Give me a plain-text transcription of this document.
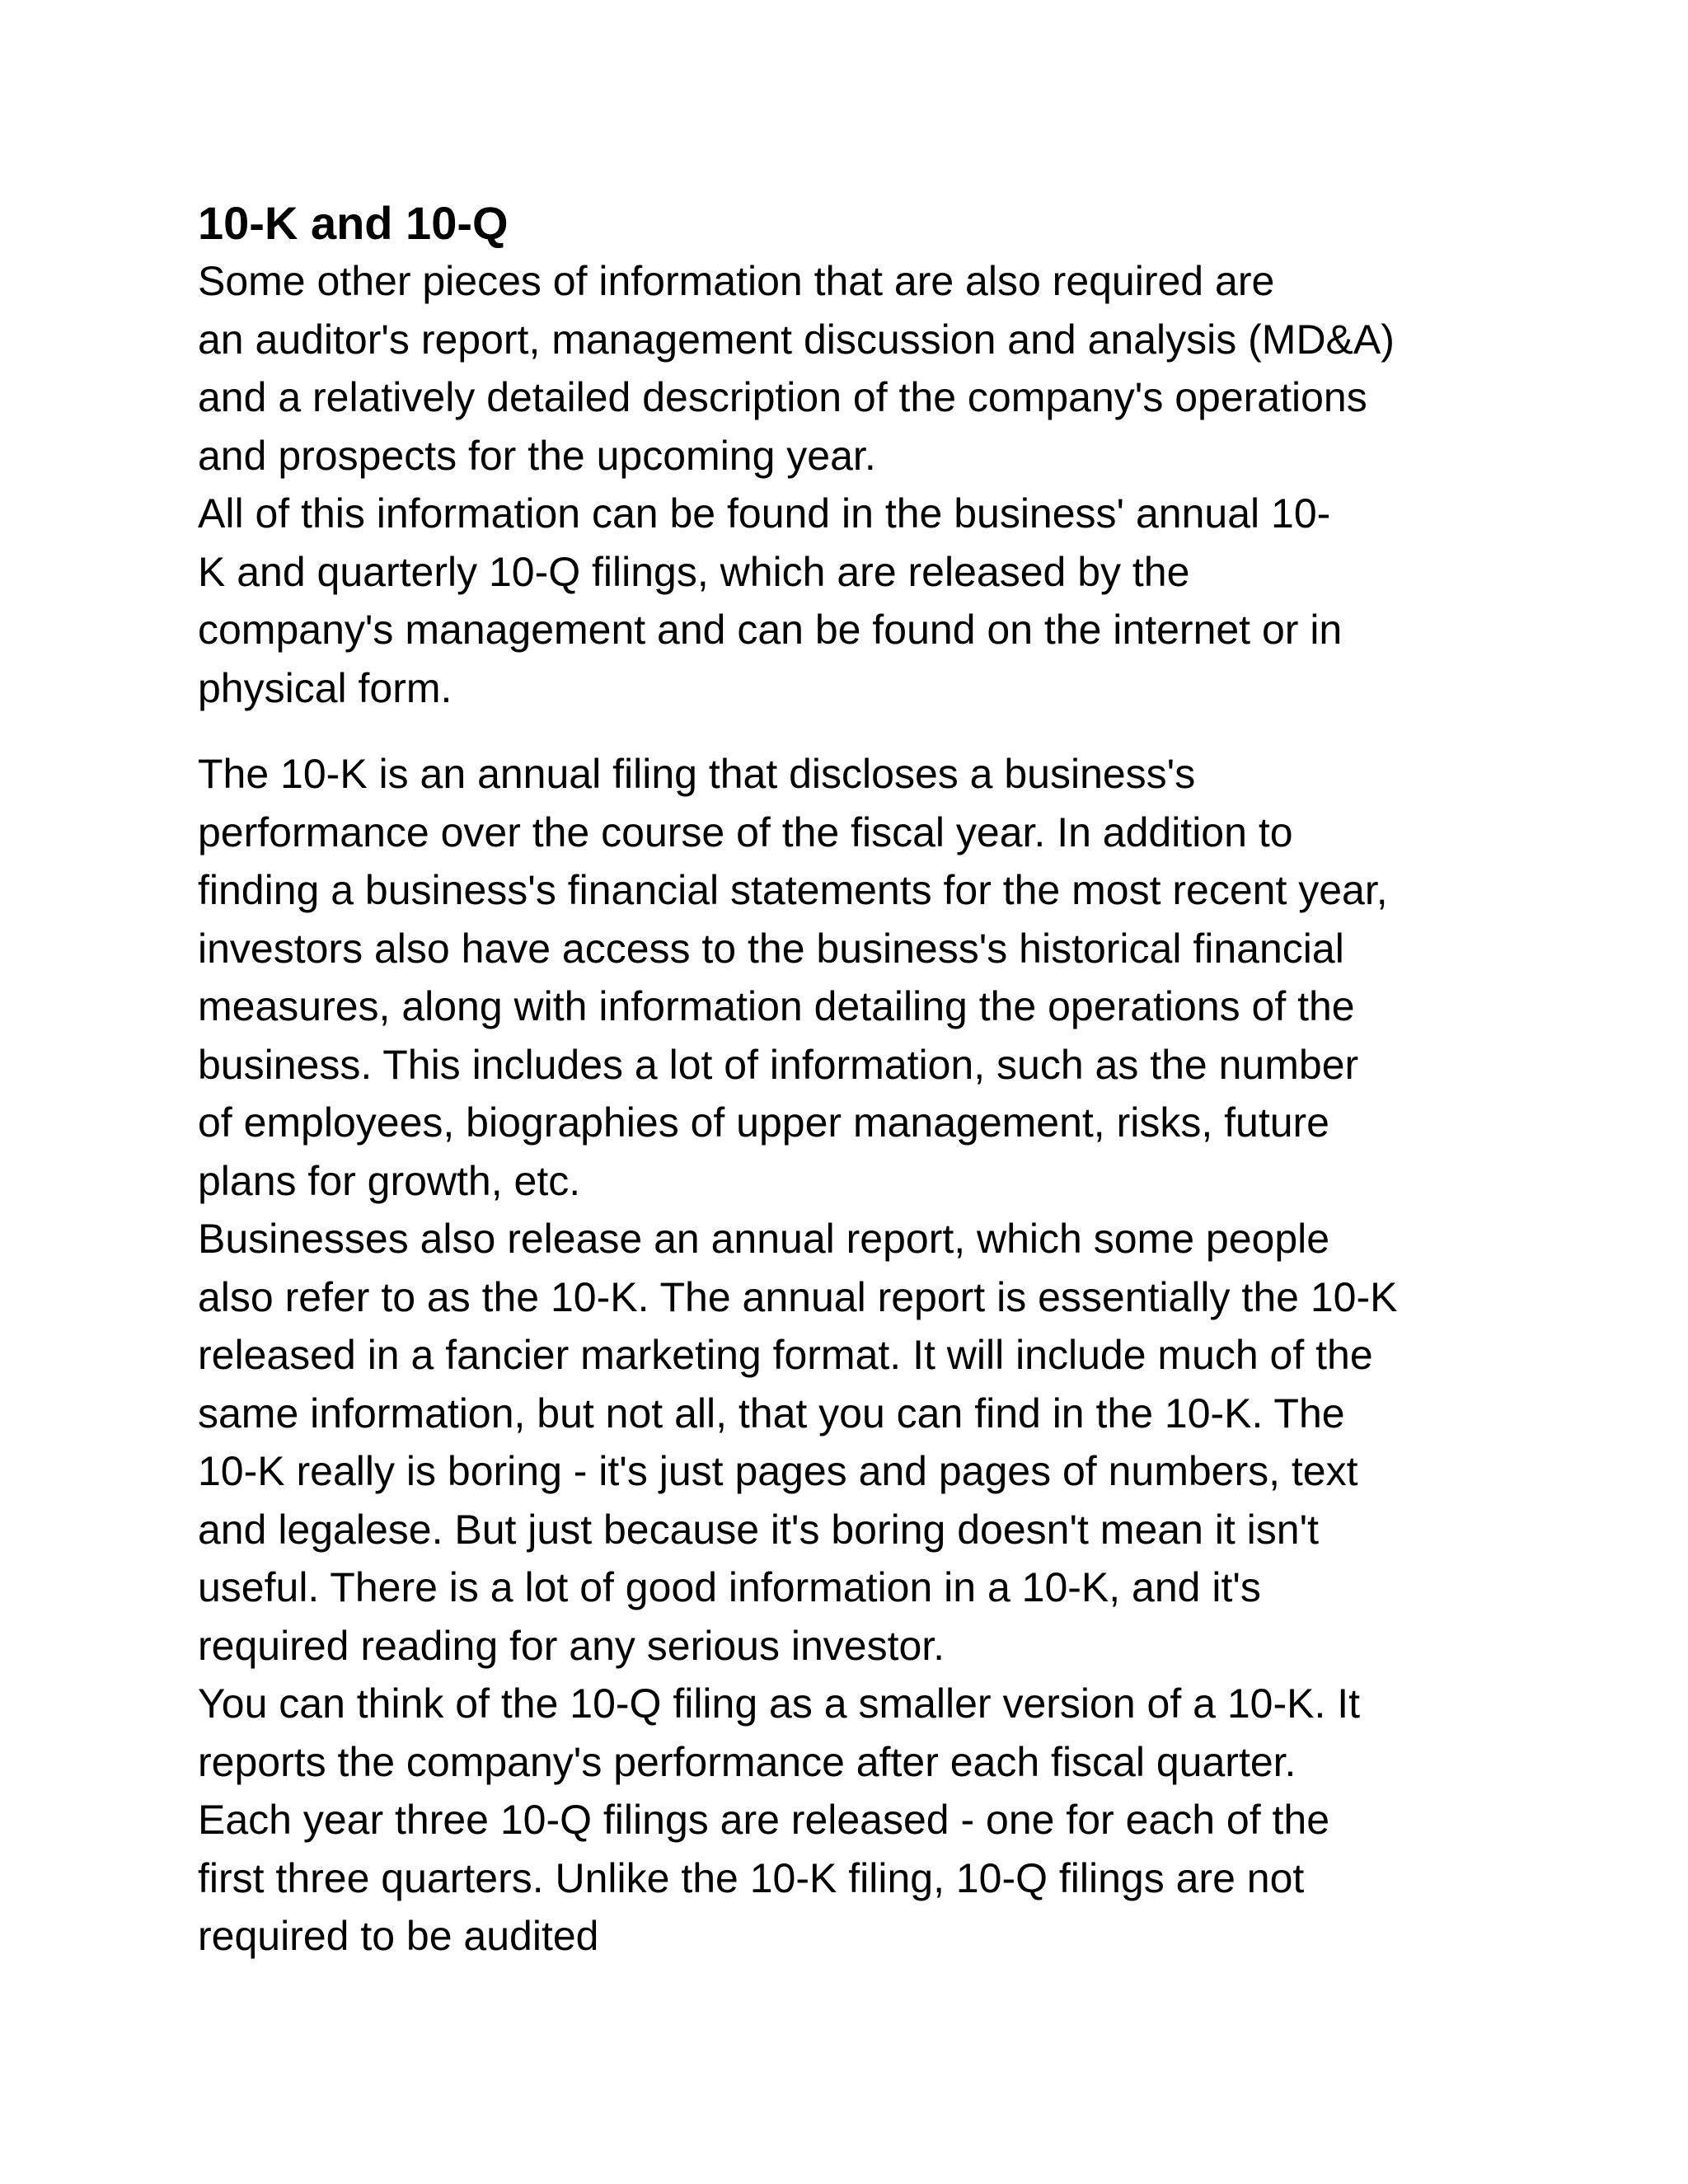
10-K and 10-Q
Some other pieces of information that are also required are
an auditor's report, management discussion and analysis (MD&A)
and a relatively detailed description of the company's operations
and prospects for the upcoming year.
All of this information can be found in the business' annual 10-
K and quarterly 10-Q filings, which are released by the
company's management and can be found on the internet or in
physical form.
The 10-K is an annual filing that discloses a business's
performance over the course of the fiscal year. In addition to
finding a business's financial statements for the most recent year,
investors also have access to the business's historical financial
measures, along with information detailing the operations of the
business. This includes a lot of information, such as the number
of employees, biographies of upper management, risks, future
plans for growth, etc.
Businesses also release an annual report, which some people
also refer to as the 10-K. The annual report is essentially the 10-K
released in a fancier marketing format. It will include much of the
same information, but not all, that you can find in the 10-K. The
10-K really is boring - it's just pages and pages of numbers, text
and legalese. But just because it's boring doesn't mean it isn't
useful. There is a lot of good information in a 10-K, and it's
required reading for any serious investor.
You can think of the 10-Q filing as a smaller version of a 10-K. It
reports the company's performance after each fiscal quarter.
Each year three 10-Q filings are released - one for each of the
first three quarters. Unlike the 10-K filing, 10-Q filings are not
required to be audited
